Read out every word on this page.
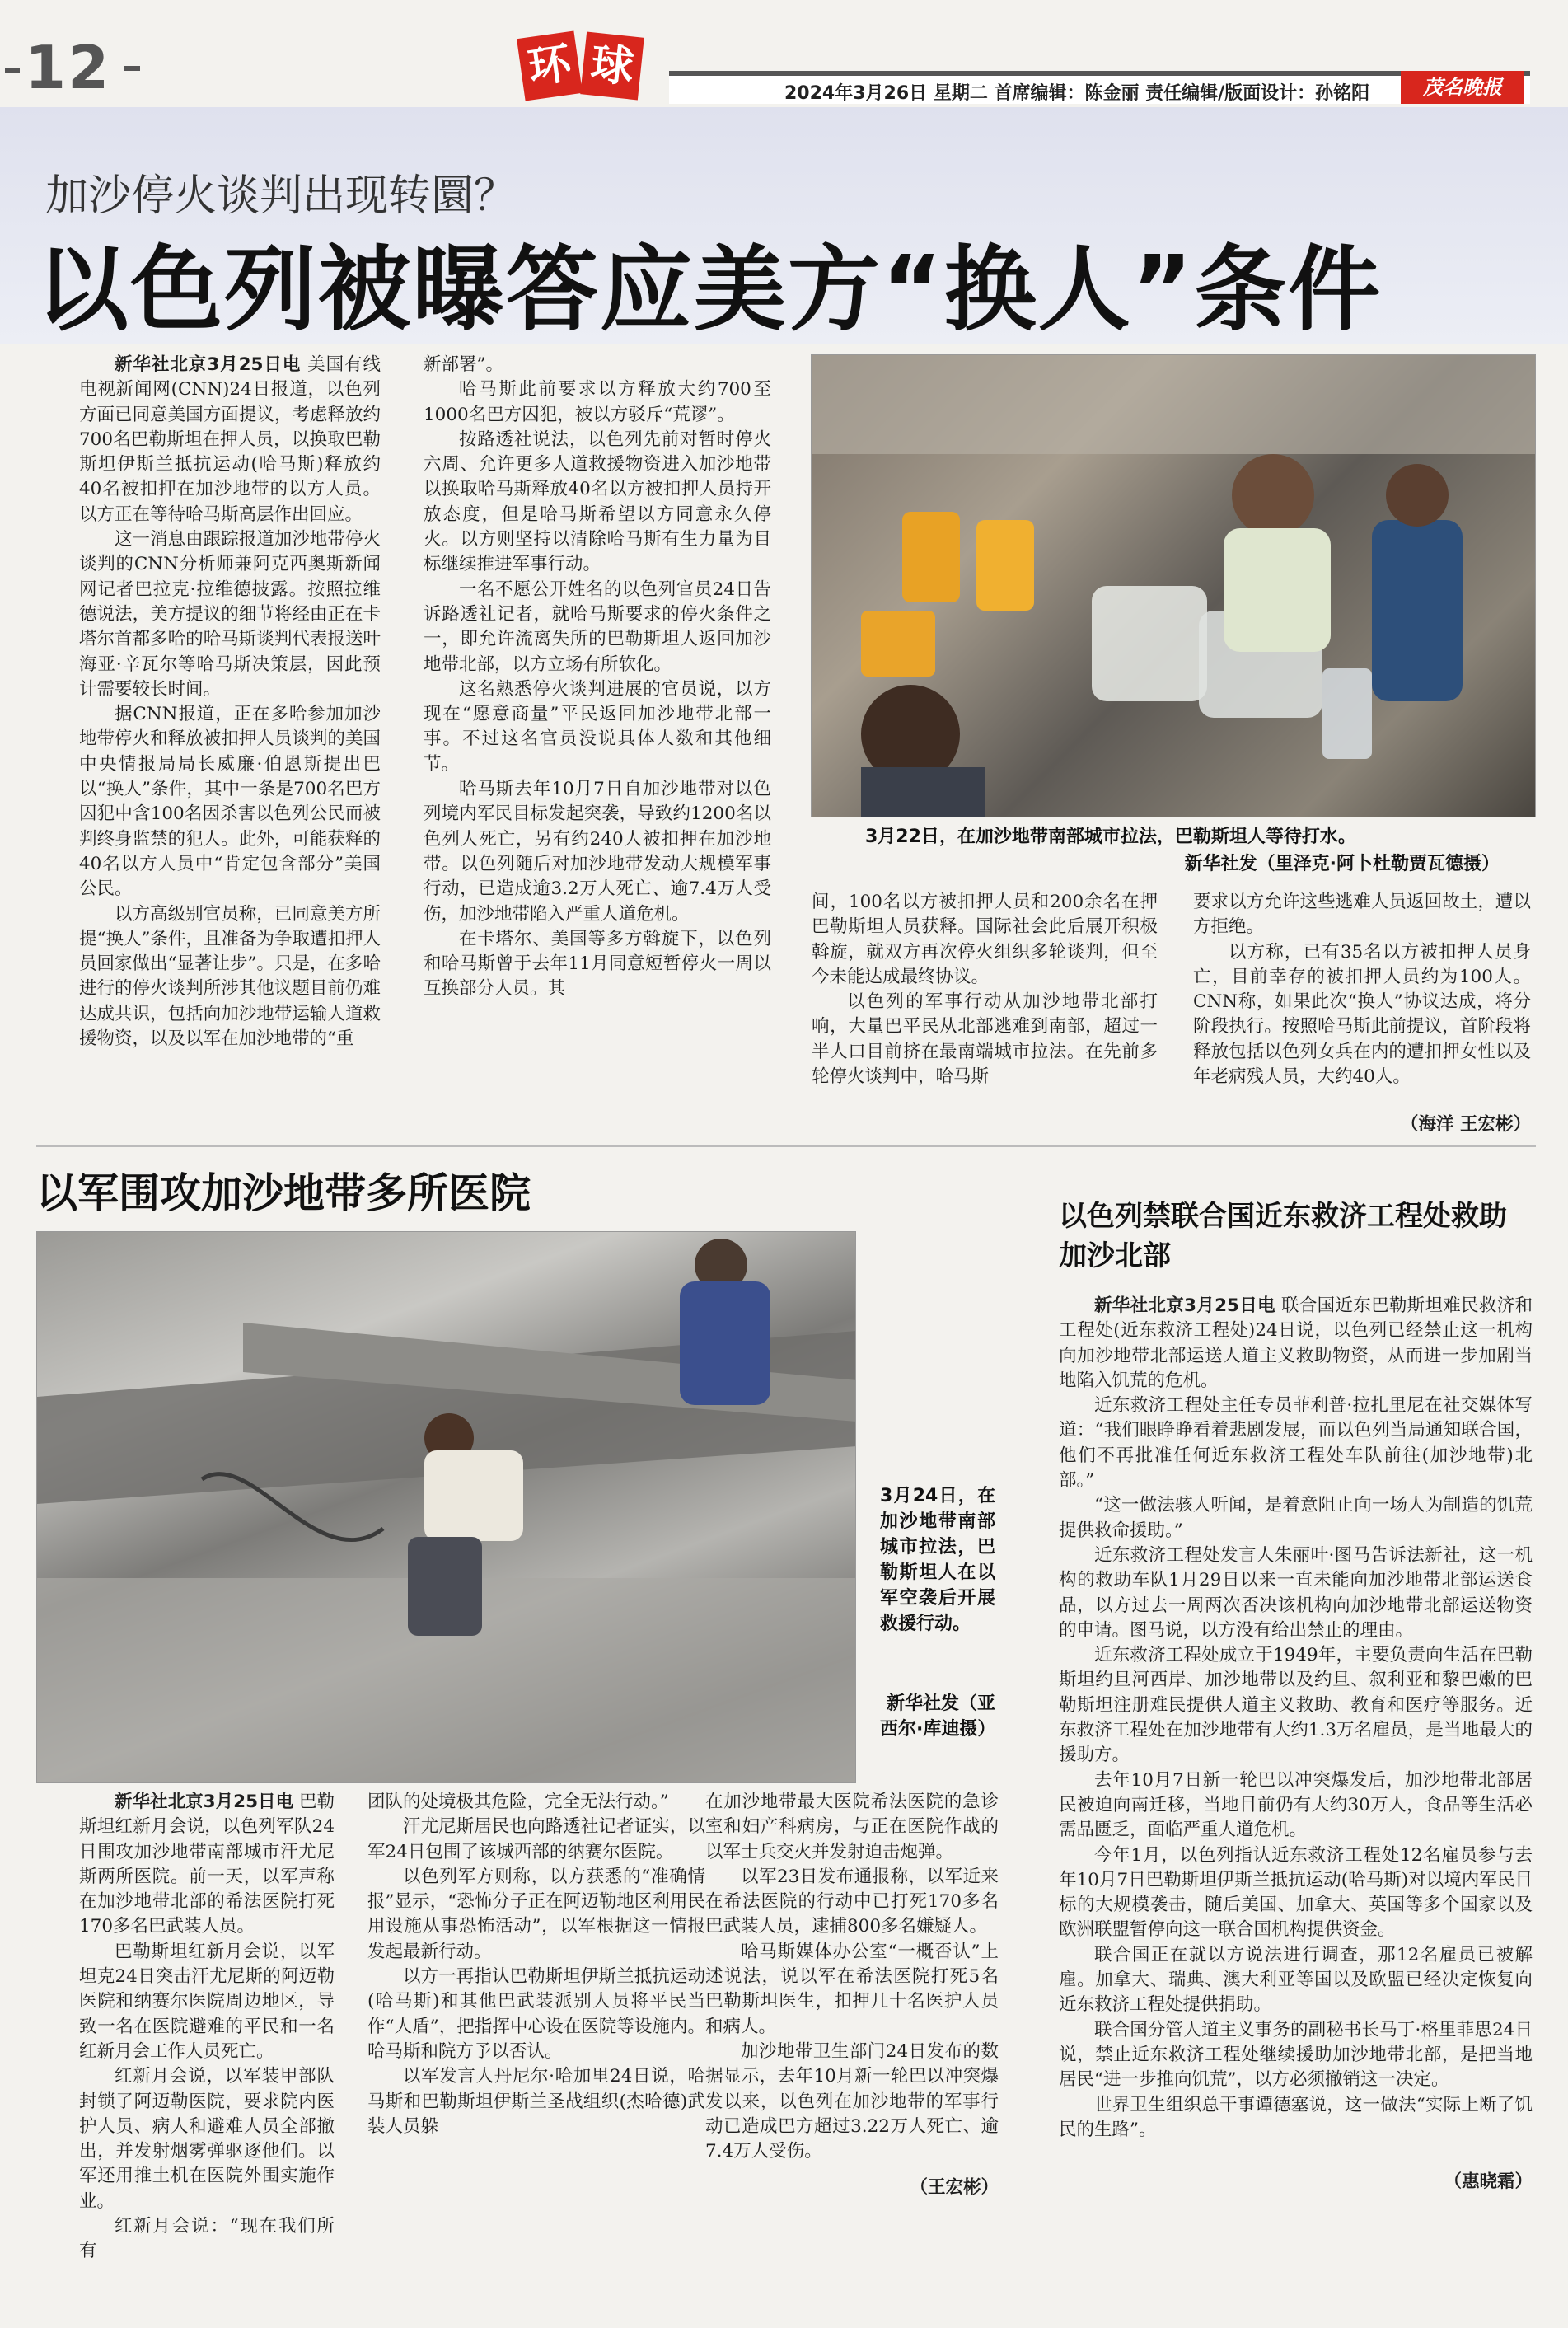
12	环 球
2024年3月26日 星期二 首席编辑：陈金丽 责任编辑/版面设计：孙铭阳	茂名晚报
加沙停火谈判出现转圜？
以色列被曝答应美方“换人”条件

新华社北京3月25日电 美国有线电视新闻网(CNN)24日报道，以色列方面已同意美国方面提议，考虑释放约700名巴勒斯坦在押人员，以换取巴勒斯坦伊斯兰抵抗运动(哈马斯)释放约40名被扣押在加沙地带的以方人员。以方正在等待哈马斯高层作出回应。

这一消息由跟踪报道加沙地带停火谈判的CNN分析师兼阿克西奥斯新闻网记者巴拉克·拉维德披露。按照拉维德说法，美方提议的细节将经由正在卡塔尔首都多哈的哈马斯谈判代表报送叶海亚·辛瓦尔等哈马斯决策层，因此预计需要较长时间。

据CNN报道，正在多哈参加加沙地带停火和释放被扣押人员谈判的美国中央情报局局长威廉·伯恩斯提出巴以“换人”条件，其中一条是700名巴方囚犯中含100名因杀害以色列公民而被判终身监禁的犯人。此外，可能获释的40名以方人员中“肯定包含部分”美国公民。

以方高级别官员称，已同意美方所提“换人”条件，且准备为争取遭扣押人员回家做出“显著让步”。只是，在多哈进行的停火谈判所涉其他议题目前仍难达成共识，包括向加沙地带运输人道救援物资，以及以军在加沙地带的“重

新部署”。

哈马斯此前要求以方释放大约700至1000名巴方囚犯，被以方驳斥“荒谬”。

按路透社说法，以色列先前对暂时停火六周、允许更多人道救援物资进入加沙地带以换取哈马斯释放40名以方被扣押人员持开放态度，但是哈马斯希望以方同意永久停火。以方则坚持以清除哈马斯有生力量为目标继续推进军事行动。

一名不愿公开姓名的以色列官员24日告诉路透社记者，就哈马斯要求的停火条件之一，即允许流离失所的巴勒斯坦人返回加沙地带北部，以方立场有所软化。

这名熟悉停火谈判进展的官员说，以方现在“愿意商量”平民返回加沙地带北部一事。不过这名官员没说具体人数和其他细节。

哈马斯去年10月7日自加沙地带对以色列境内军民目标发起突袭，导致约1200名以色列人死亡，另有约240人被扣押在加沙地带。以色列随后对加沙地带发动大规模军事行动，已造成逾3.2万人死亡、逾7.4万人受伤，加沙地带陷入严重人道危机。

在卡塔尔、美国等多方斡旋下，以色列和哈马斯曾于去年11月同意短暂停火一周以互换部分人员。其

3月22日，在加沙地带南部城市拉法，巴勒斯坦人等待打水。
新华社发（里泽克·阿卜杜勒贾瓦德摄）

间，100名以方被扣押人员和200余名在押巴勒斯坦人员获释。国际社会此后展开积极斡旋，就双方再次停火组织多轮谈判，但至今未能达成最终协议。

以色列的军事行动从加沙地带北部打响，大量巴平民从北部逃难到南部，超过一半人口目前挤在最南端城市拉法。在先前多轮停火谈判中，哈马斯

要求以方允许这些逃难人员返回故土，遭以方拒绝。

以方称，已有35名以方被扣押人员身亡，目前幸存的被扣押人员约为100人。CNN称，如果此次“换人”协议达成，将分阶段执行。按照哈马斯此前提议，首阶段将释放包括以色列女兵在内的遭扣押女性以及年老病残人员，大约40人。

（海洋 王宏彬）
以军围攻加沙地带多所医院
3月24日，在加沙地带南部城市拉法，巴勒斯坦人在以军空袭后开展救援行动。
新华社发（亚西尔·库迪摄）

新华社北京3月25日电 巴勒斯坦红新月会说，以色列军队24日围攻加沙地带南部城市汗尤尼斯两所医院。前一天，以军声称在加沙地带北部的希法医院打死170多名巴武装人员。

巴勒斯坦红新月会说，以军坦克24日突击汗尤尼斯的阿迈勒医院和纳赛尔医院周边地区，导致一名在医院避难的平民和一名红新月会工作人员死亡。

红新月会说，以军装甲部队封锁了阿迈勒医院，要求院内医护人员、病人和避难人员全部撤出，并发射烟雾弹驱逐他们。以军还用推土机在医院外围实施作业。

红新月会说：“现在我们所有

团队的处境极其危险，完全无法行动。”

汗尤尼斯居民也向路透社记者证实，以军24日包围了该城西部的纳赛尔医院。

以色列军方则称，以方获悉的“准确情报”显示，“恐怖分子正在阿迈勒地区利用民用设施从事恐怖活动”，以军根据这一情报发起最新行动。

以方一再指认巴勒斯坦伊斯兰抵抗运动(哈马斯)和其他巴武装派别人员将平民当作“人盾”，把指挥中心设在医院等设施内。哈马斯和院方予以否认。

以军发言人丹尼尔·哈加里24日说，哈马斯和巴勒斯坦伊斯兰圣战组织(杰哈德)武装人员躲

在加沙地带最大医院希法医院的急诊室和妇产科病房，与正在医院作战的以军士兵交火并发射迫击炮弹。

以军23日发布通报称，以军近来在希法医院的行动中已打死170多名巴武装人员，逮捕800多名嫌疑人。

哈马斯媒体办公室“一概否认”上述说法，说以军在希法医院打死5名巴勒斯坦医生，扣押几十名医护人员和病人。

加沙地带卫生部门24日发布的数据显示，去年10月新一轮巴以冲突爆发以来，以色列在加沙地带的军事行动已造成巴方超过3.22万人死亡、逾7.4万人受伤。

（王宏彬）
以色列禁联合国近东救济工程处救助加沙北部

新华社北京3月25日电 联合国近东巴勒斯坦难民救济和工程处(近东救济工程处)24日说，以色列已经禁止这一机构向加沙地带北部运送人道主义救助物资，从而进一步加剧当地陷入饥荒的危机。

近东救济工程处主任专员菲利普·拉扎里尼在社交媒体写道：“我们眼睁睁看着悲剧发展，而以色列当局通知联合国，他们不再批准任何近东救济工程处车队前往(加沙地带)北部。”

“这一做法骇人听闻，是着意阻止向一场人为制造的饥荒提供救命援助。”

近东救济工程处发言人朱丽叶·图马告诉法新社，这一机构的救助车队1月29日以来一直未能向加沙地带北部运送食品，以方过去一周两次否决该机构向加沙地带北部运送物资的申请。图马说，以方没有给出禁止的理由。

近东救济工程处成立于1949年，主要负责向生活在巴勒斯坦约旦河西岸、加沙地带以及约旦、叙利亚和黎巴嫩的巴勒斯坦注册难民提供人道主义救助、教育和医疗等服务。近东救济工程处在加沙地带有大约1.3万名雇员，是当地最大的援助方。

去年10月7日新一轮巴以冲突爆发后，加沙地带北部居民被迫向南迁移，当地目前仍有大约30万人，食品等生活必需品匮乏，面临严重人道危机。

今年1月，以色列指认近东救济工程处12名雇员参与去年10月7日巴勒斯坦伊斯兰抵抗运动(哈马斯)对以境内军民目标的大规模袭击，随后美国、加拿大、英国等多个国家以及欧洲联盟暂停向这一联合国机构提供资金。

联合国正在就以方说法进行调查，那12名雇员已被解雇。加拿大、瑞典、澳大利亚等国以及欧盟已经决定恢复向近东救济工程处提供捐助。

联合国分管人道主义事务的副秘书长马丁·格里菲思24日说，禁止近东救济工程处继续援助加沙地带北部，是把当地居民“进一步推向饥荒”，以方必须撤销这一决定。

世界卫生组织总干事谭德塞说，这一做法“实际上断了饥民的生路”。

（惠晓霜）
